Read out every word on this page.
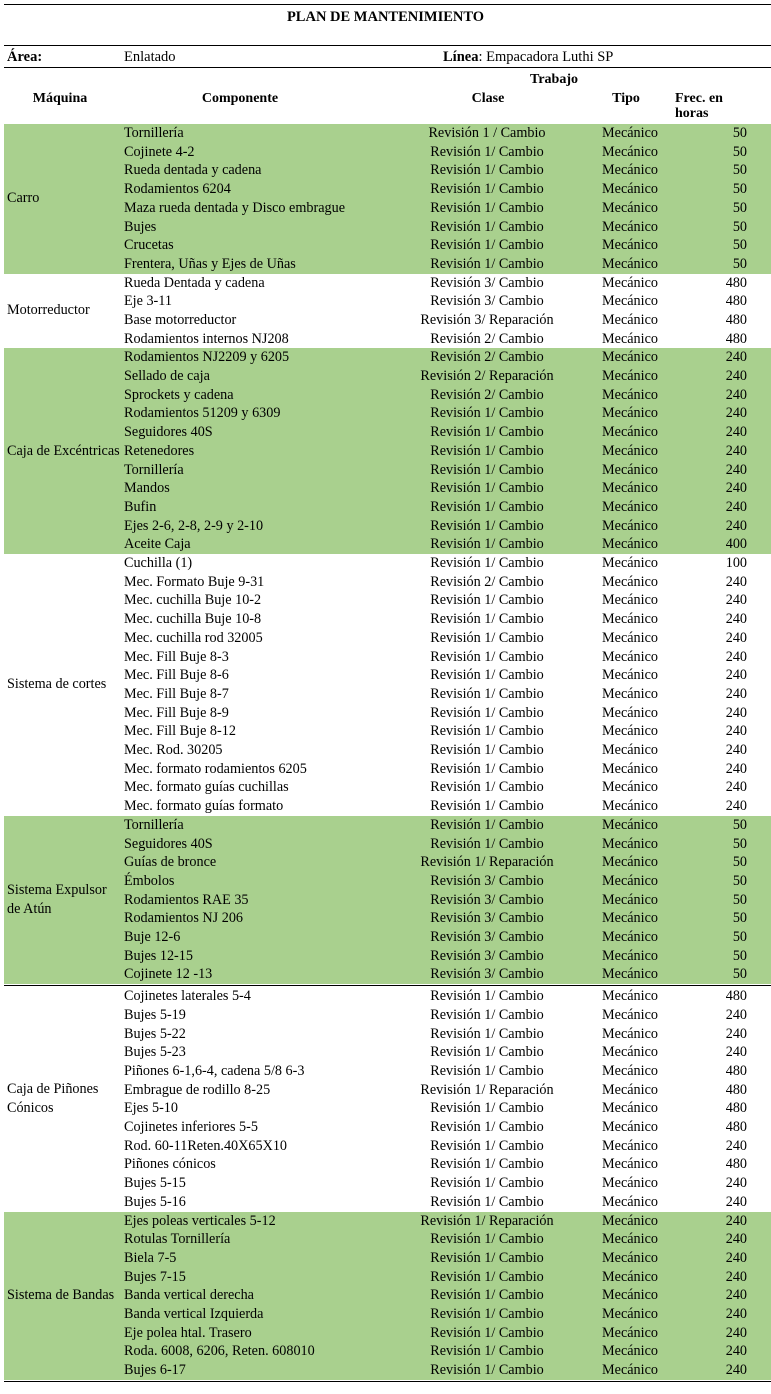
PLAN DE MANTENIMIENTO
Área:	Enlatado	Línea: Empacadora Luthi SP
Máquina	Componente
Trabajo
Clase	Tipo	Frec. en
horas
Carro
Tornillería	Revisión 1 / Cambio	Mecánico	50
Cojinete 4-2	Revisión 1/ Cambio	Mecánico	50
Rueda dentada y cadena	Revisión 1/ Cambio	Mecánico	50
Rodamientos 6204	Revisión 1/ Cambio	Mecánico	50
Maza rueda dentada y Disco embrague	Revisión 1/ Cambio	Mecánico	50
Bujes	Revisión 1/ Cambio	Mecánico	50
Crucetas	Revisión 1/ Cambio	Mecánico	50
Frentera, Uñas y Ejes de Uñas	Revisión 1/ Cambio	Mecánico	50
Motorreductor
Rueda Dentada y cadena	Revisión 3/ Cambio	Mecánico	480
Eje 3-11	Revisión 3/ Cambio	Mecánico	480
Base motorreductor	Revisión 3/ Reparación	Mecánico	480
Rodamientos internos NJ208	Revisión 2/ Cambio	Mecánico	480
Caja de Excéntricas
Rodamientos NJ2209 y 6205	Revisión 2/ Cambio	Mecánico	240
Sellado de caja	Revisión 2/ Reparación	Mecánico	240
Sprockets y cadena	Revisión 2/ Cambio	Mecánico	240
Rodamientos 51209 y 6309	Revisión 1/ Cambio	Mecánico	240
Seguidores 40S	Revisión 1/ Cambio	Mecánico	240
Retenedores	Revisión 1/ Cambio	Mecánico	240
Tornillería	Revisión 1/ Cambio	Mecánico	240
Mandos	Revisión 1/ Cambio	Mecánico	240
Bufin	Revisión 1/ Cambio	Mecánico	240
Ejes 2-6, 2-8, 2-9 y 2-10	Revisión 1/ Cambio	Mecánico	240
Aceite Caja	Revisión 1/ Cambio	Mecánico	400
Sistema de cortes
Cuchilla (1)	Revisión 1/ Cambio	Mecánico	100
Mec. Formato Buje 9-31	Revisión 2/ Cambio	Mecánico	240
Mec. cuchilla Buje 10-2	Revisión 1/ Cambio	Mecánico	240
Mec. cuchilla Buje 10-8	Revisión 1/ Cambio	Mecánico	240
Mec. cuchilla rod 32005	Revisión 1/ Cambio	Mecánico	240
Mec. Fill Buje 8-3	Revisión 1/ Cambio	Mecánico	240
Mec. Fill Buje 8-6	Revisión 1/ Cambio	Mecánico	240
Mec. Fill Buje 8-7	Revisión 1/ Cambio	Mecánico	240
Mec. Fill Buje 8-9	Revisión 1/ Cambio	Mecánico	240
Mec. Fill Buje 8-12	Revisión 1/ Cambio	Mecánico	240
Mec. Rod. 30205	Revisión 1/ Cambio	Mecánico	240
Mec. formato rodamientos 6205	Revisión 1/ Cambio	Mecánico	240
Mec. formato guías cuchillas	Revisión 1/ Cambio	Mecánico	240
Mec. formato guías formato	Revisión 1/ Cambio	Mecánico	240
Sistema Expulsor de Atún
Tornillería	Revisión 1/ Cambio	Mecánico	50
Seguidores 40S	Revisión 1/ Cambio	Mecánico	50
Guías de bronce	Revisión 1/ Reparación	Mecánico	50
Émbolos	Revisión 3/ Cambio	Mecánico	50
Rodamientos RAE 35	Revisión 3/ Cambio	Mecánico	50
Rodamientos NJ 206	Revisión 3/ Cambio	Mecánico	50
Buje 12-6	Revisión 3/ Cambio	Mecánico	50
Bujes 12-15	Revisión 3/ Cambio	Mecánico	50
Cojinete 12 -13	Revisión 3/ Cambio	Mecánico	50
Caja de Piñones Cónicos
Cojinetes laterales 5-4	Revisión 1/ Cambio	Mecánico	480
Bujes 5-19	Revisión 1/ Cambio	Mecánico	240
Bujes 5-22	Revisión 1/ Cambio	Mecánico	240
Bujes 5-23	Revisión 1/ Cambio	Mecánico	240
Piñones 6-1,6-4, cadena 5/8 6-3	Revisión 1/ Cambio	Mecánico	480
Embrague de rodillo 8-25	Revisión 1/ Reparación	Mecánico	480
Ejes 5-10	Revisión 1/ Cambio	Mecánico	480
Cojinetes inferiores 5-5	Revisión 1/ Cambio	Mecánico	480
Rod. 60-11Reten.40X65X10	Revisión 1/ Cambio	Mecánico	240
Piñones cónicos	Revisión 1/ Cambio	Mecánico	480
Bujes 5-15	Revisión 1/ Cambio	Mecánico	240
Bujes 5-16	Revisión 1/ Cambio	Mecánico	240
Sistema de Bandas
Ejes poleas verticales 5-12	Revisión 1/ Reparación	Mecánico	240
Rotulas Tornillería	Revisión 1/ Cambio	Mecánico	240
Biela 7-5	Revisión 1/ Cambio	Mecánico	240
Bujes 7-15	Revisión 1/ Cambio	Mecánico	240
Banda vertical derecha	Revisión 1/ Cambio	Mecánico	240
Banda vertical Izquierda	Revisión 1/ Cambio	Mecánico	240
Eje polea htal. Trasero	Revisión 1/ Cambio	Mecánico	240
Roda. 6008, 6206, Reten. 608010	Revisión 1/ Cambio	Mecánico	240
Bujes 6-17	Revisión 1/ Cambio	Mecánico	240
